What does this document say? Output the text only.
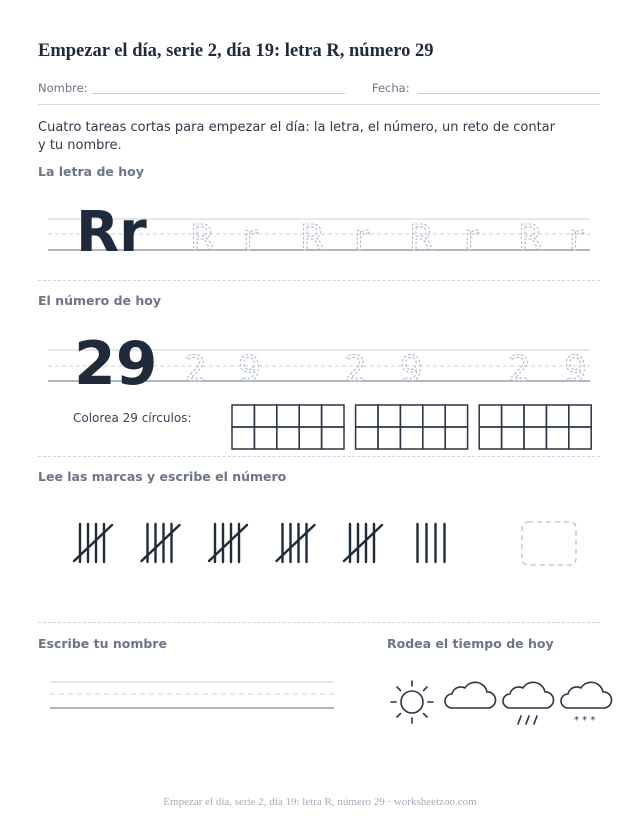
Empezar el día, serie 2, día 19: letra R, número 29
Nombre:	Fecha:
Cuatro tareas cortas para empezar el día: la letra, el número, un reto de contar y tu nombre.
La letra de hoy
Rr R r R r R r R r
El número de hoy
29 2 9 2 9 2 9
Colorea 29 círculos:
Lee las marcas y escribe el número
Escribe tu nombre	Rodea el tiempo de hoy
* * *
Empezar el día, serie 2, día 19: letra R, número 29 · worksheetzoo.com
